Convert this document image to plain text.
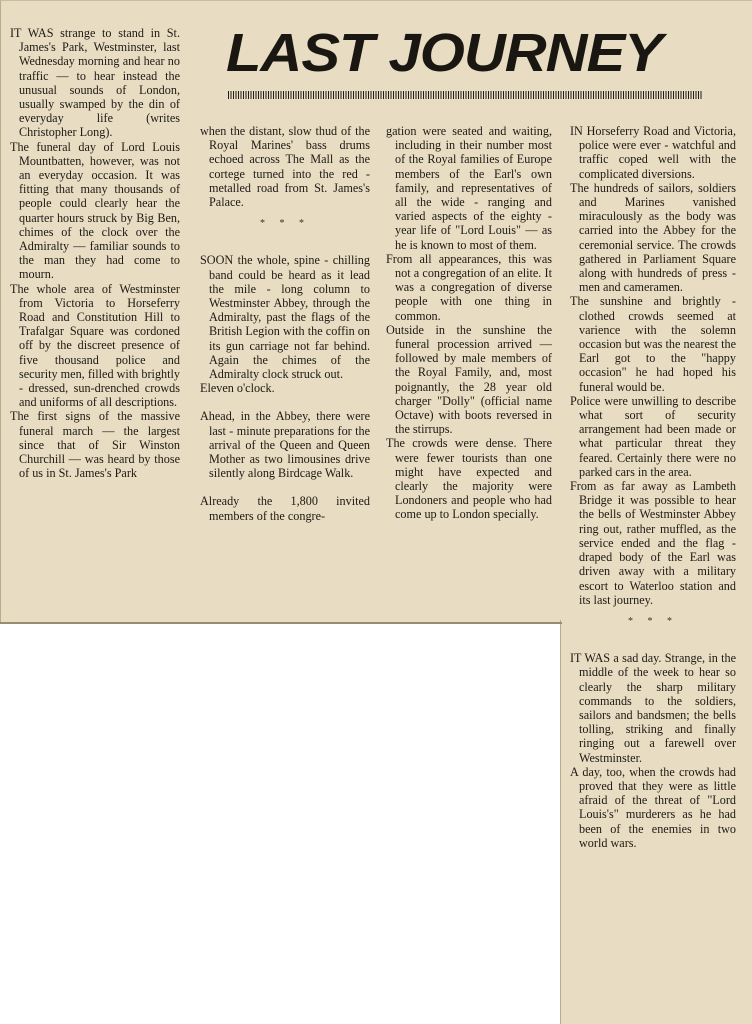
LAST JOURNEY

IT WAS strange to stand in St. James's Park, Westminster, last Wednesday morning and hear no traffic — to hear instead the unusual sounds of London, usually swamped by the din of everyday life (writes Christopher Long).

The funeral day of Lord Louis Mountbatten, however, was not an everyday occasion. It was fitting that many thousands of people could clearly hear the quarter hours struck by Big Ben, chimes of the clock over the Admiralty — familiar sounds to the man they had come to mourn.

The whole area of Westminster from Victoria to Horseferry Road and Constitution Hill to Trafalgar Square was cordoned off by the discreet presence of five thousand police and security men, filled with brightly - dressed, sun-drenched crowds and uniforms of all descriptions.

The first signs of the massive funeral march — the largest since that of Sir Winston Churchill — was heard by those of us in St. James's Park

when the distant, slow thud of the Royal Marines' bass drums echoed across The Mall as the cortege turned into the red - metalled road from St. James's Palace.

* * *

SOON the whole, spine - chilling band could be heard as it lead the mile - long column to Westminster Abbey, through the Admiralty, past the flags of the British Legion with the coffin on its gun carriage not far behind. Again the chimes of the Admiralty clock struck out.

Eleven o'clock.

Ahead, in the Abbey, there were last - minute preparations for the arrival of the Queen and Queen Mother as two limousines drive silently along Birdcage Walk.

Already the 1,800 invited members of the congre-

gation were seated and waiting, including in their number most of the Royal families of Europe members of the Earl's own family, and representatives of all the wide - ranging and varied aspects of the eighty - year life of "Lord Louis" — as he is known to most of them.

From all appearances, this was not a congregation of an elite. It was a congregation of diverse people with one thing in common.

Outside in the sunshine the funeral procession arrived — followed by male members of the Royal Family, and, most poignantly, the 28 year old charger "Dolly" (official name Octave) with boots reversed in the stirrups.

The crowds were dense. There were fewer tourists than one might have expected and clearly the majority were Londoners and people who had come up to London specially.

IN Horseferry Road and Victoria, police were ever - watchful and traffic coped well with the complicated diversions.

The hundreds of sailors, soldiers and Marines vanished miraculously as the body was carried into the Abbey for the ceremonial service. The crowds gathered in Parliament Square along with hundreds of press - men and cameramen.

The sunshine and brightly - clothed crowds seemed at varience with the solemn occasion but was the nearest the Earl got to the "happy occasion" he had hoped his funeral would be.

Police were unwilling to describe what sort of security arrangement had been made or what particular threat they feared. Certainly there were no parked cars in the area.

From as far away as Lambeth Bridge it was possible to hear the bells of Westminster Abbey ring out, rather muffled, as the service ended and the flag - draped body of the Earl was driven away with a military escort to Waterloo station and its last journey.

* * *

IT WAS a sad day. Strange, in the middle of the week to hear so clearly the sharp military commands to the soldiers, sailors and bandsmen; the bells tolling, striking and finally ringing out a farewell over Westminster.

A day, too, when the crowds had proved that they were as little afraid of the threat of "Lord Louis's" murderers as he had been of the enemies in two world wars.
